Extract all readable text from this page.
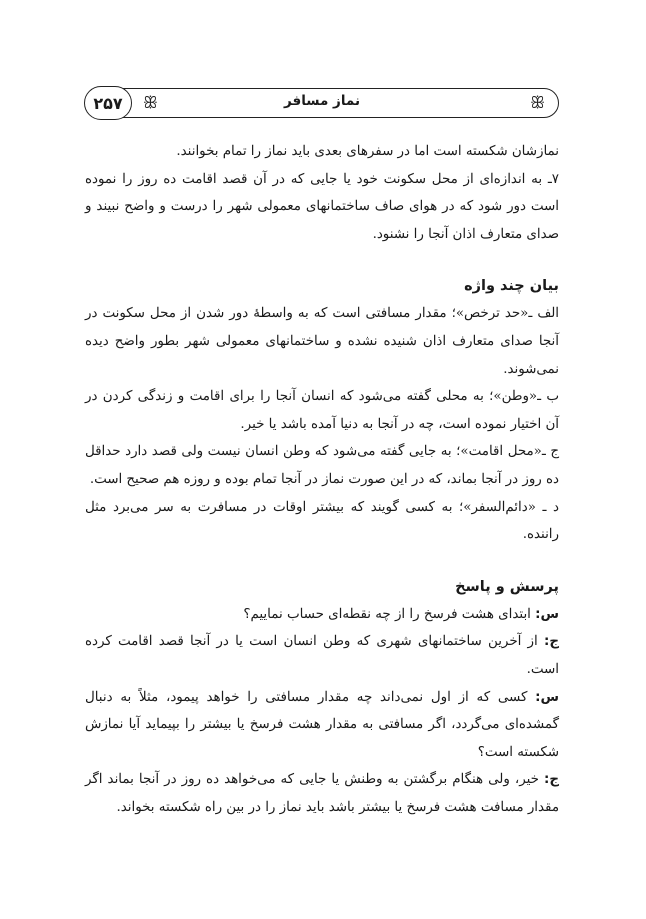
نماز مسافر
ꕥ	ꕥ
۲۵۷

نمازشان شکسته است اما در سفرهای بعدی باید نماز را تمام بخوانند.

۷ـ به اندازه‌ای از محل سکونت خود یا جایی که در آن قصد اقامت ده روز را نموده است دور شود که در هوای صاف ساختمانهای معمولی شهر را درست و واضح نبیند و صدای متعارف اذان آنجا را نشنود.

بیان چند واژه

الف ـ«حد ترخص»؛ مقدار مسافتی است که به واسطهٔ دور شدن از محل سکونت در آنجا صدای متعارف اذان شنیده نشده و ساختمانهای معمولی شهر بطور واضح دیده نمی‌شوند.

ب ـ«وطن»؛ به محلی گفته می‌شود که انسان آنجا را برای اقامت و زندگی کردن در آن اختیار نموده است، چه در آنجا به دنیا آمده باشد یا خیر.

ج ـ«محل اقامت»؛ به جایی گفته می‌شود که وطن انسان نیست ولی قصد دارد حداقل ده روز در آنجا بماند، که در این صورت نماز در آنجا تمام بوده و روزه هم صحیح است.

د ـ «دائم‌السفر»؛ به کسی گویند که بیشتر اوقات در مسافرت به سر می‌برد مثل راننده.

پرسش و پاسخ

س: ابتدای هشت فرسخ را از چه نقطه‌ای حساب نماییم؟

ج: از آخرین ساختمانهای شهری که وطن انسان است یا در آنجا قصد اقامت کرده است.

س: کسی که از اول نمی‌داند چه مقدار مسافتی را خواهد پیمود، مثلاً به دنبال گمشده‌ای می‌گردد، اگر مسافتی به مقدار هشت فرسخ یا بیشتر را بپیماید آیا نمازش شکسته است؟

ج: خیر، ولی هنگام برگشتن به وطنش یا جایی که می‌خواهد ده روز در آنجا بماند اگر مقدار مسافت هشت فرسخ یا بیشتر باشد باید نماز را در بین راه شکسته بخواند.
